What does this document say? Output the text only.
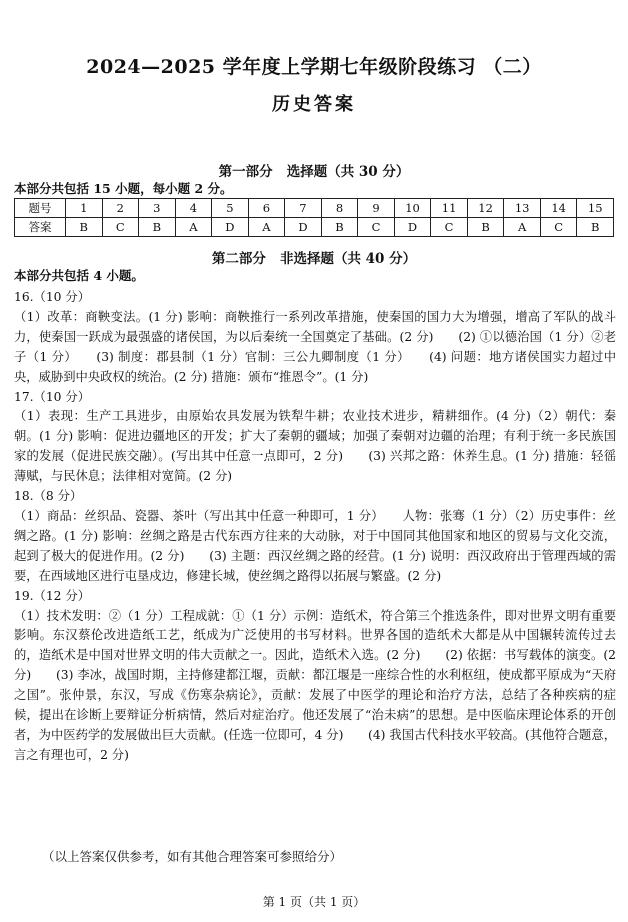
2024—2025 学年度上学期七年级阶段练习 （二）
历史答案
第一部分   选择题（共 30 分）
本部分共包括 15 小题，每小题 2 分。
题号	1	2	3	4	5	6	7	8	9	10	11	12	13	14	15
答案	B	C	B	A	D	A	D	B	C	D	C	B	A	C	B
第二部分   非选择题（共 40 分）
本部分共包括 4 小题。

16.（10 分）

（1）改革：商鞅变法。(1 分) 影响：商鞅推行一系列改革措施，使秦国的国力大为增强，增高了军队的战斗力，使秦国一跃成为最强盛的诸侯国，为以后秦统一全国奠定了基础。(2 分)　　(2) ①以德治国（1 分）②老子（1 分）　　(3) 制度：郡县制（1 分）官制：三公九卿制度（1 分）　　(4) 问题：地方诸侯国实力超过中央，威胁到中央政权的统治。(2 分) 措施：颁布“推恩令”。(1 分)

17.（10 分）

（1）表现：生产工具进步，由原始农具发展为铁犁牛耕；农业技术进步，精耕细作。(4 分)（2）朝代：秦朝。(1 分) 影响：促进边疆地区的开发；扩大了秦朝的疆域；加强了秦朝对边疆的治理；有利于统一多民族国家的发展（促进民族交融）。(写出其中任意一点即可，2 分)　　(3) 兴邦之路：休养生息。(1 分) 措施：轻徭薄赋，与民休息；法律相对宽简。(2 分)

18.（8 分）

（1）商品：丝织品、瓷器、茶叶（写出其中任意一种即可，1 分）　　人物：张骞（1 分）（2）历史事件：丝绸之路。(1 分) 影响：丝绸之路是古代东西方往来的大动脉，对于中国同其他国家和地区的贸易与文化交流，起到了极大的促进作用。(2 分)　　(3) 主题：西汉丝绸之路的经营。(1 分) 说明：西汉政府出于管理西域的需要，在西域地区进行屯垦戍边，修建长城，使丝绸之路得以拓展与繁盛。(2 分)

19.（12 分）

（1）技术发明：②（1 分）工程成就：①（1 分）示例：造纸术，符合第三个推选条件，即对世界文明有重要影响。东汉蔡伦改进造纸工艺，纸成为广泛使用的书写材料。世界各国的造纸术大都是从中国辗转流传过去的，造纸术是中国对世界文明的伟大贡献之一。因此，造纸术入选。(2 分)　　(2) 依据：书写载体的演变。(2 分)　　(3) 李冰，战国时期，主持修建都江堰，贡献：都江堰是一座综合性的水利枢纽，使成都平原成为“天府之国”。张仲景，东汉，写成《伤寒杂病论》，贡献：发展了中医学的理论和治疗方法，总结了各种疾病的症候，提出在诊断上要辩证分析病情，然后对症治疗。他还发展了“治未病”的思想。是中医临床理论体系的开创者，为中医药学的发展做出巨大贡献。(任选一位即可，4 分)　　(4) 我国古代科技水平较高。(其他符合题意，言之有理也可，2 分)

（以上答案仅供参考，如有其他合理答案可参照给分）
第 1 页（共 1 页）
